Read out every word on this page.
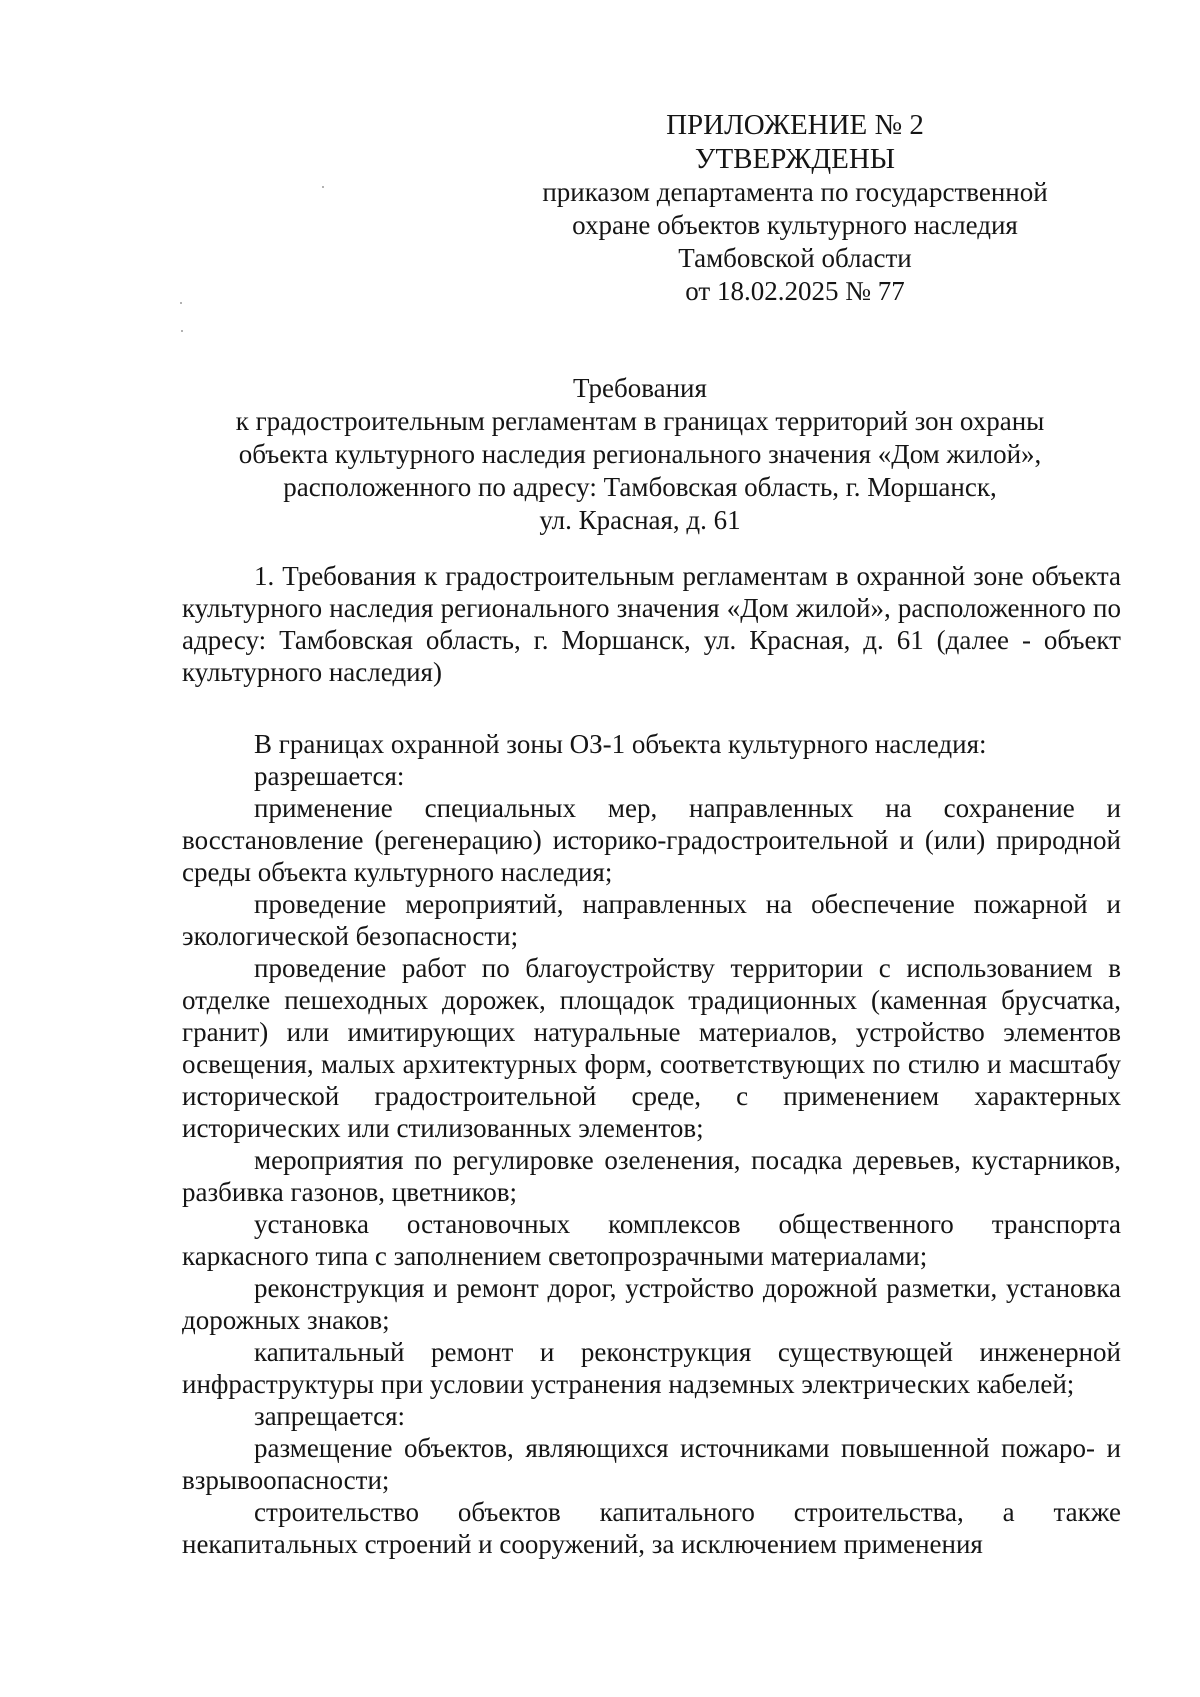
ПРИЛОЖЕНИЕ № 2
УТВЕРЖДЕНЫ
приказом департамента по государственной
охране объектов культурного наследия
Тамбовской области
от 18.02.2025 № 77
Требования
к градостроительным регламентам в границах территорий зон охраны
объекта культурного наследия регионального значения «Дом жилой»,
расположенного по адресу: Тамбовская область, г. Моршанск,
ул. Красная, д. 61

1. Требования к градостроительным регламентам в охранной зоне объекта культурного наследия регионального значения «Дом жилой», расположенного по адресу: Тамбовская область, г. Моршанск, ул. Красная, д. 61 (далее - объект культурного наследия)

В границах охранной зоны ОЗ-1 объекта культурного наследия:

разрешается:

применение специальных мер, направленных на сохранение и восстановление (регенерацию) историко-градостроительной и (или) природной среды объекта культурного наследия;

проведение мероприятий, направленных на обеспечение пожарной и экологической безопасности;

проведение работ по благоустройству территории с использованием в отделке пешеходных дорожек, площадок традиционных (каменная брусчатка, гранит) или имитирующих натуральные материалов, устройство элементов освещения, малых архитектурных форм, соответствующих по стилю и масштабу исторической градостроительной среде, с применением характерных исторических или стилизованных элементов;

мероприятия по регулировке озеленения, посадка деревьев, кустарников, разбивка газонов, цветников;

установка остановочных комплексов общественного транспорта каркасного типа с заполнением светопрозрачными материалами;

реконструкция и ремонт дорог, устройство дорожной разметки, установка дорожных знаков;

капитальный ремонт и реконструкция существующей инженерной инфраструктуры при условии устранения надземных электрических кабелей;

запрещается:

размещение объектов, являющихся источниками повышенной пожаро- и взрывоопасности;

строительство объектов капитального строительства, а также некапитальных строений и сооружений, за исключением применения
